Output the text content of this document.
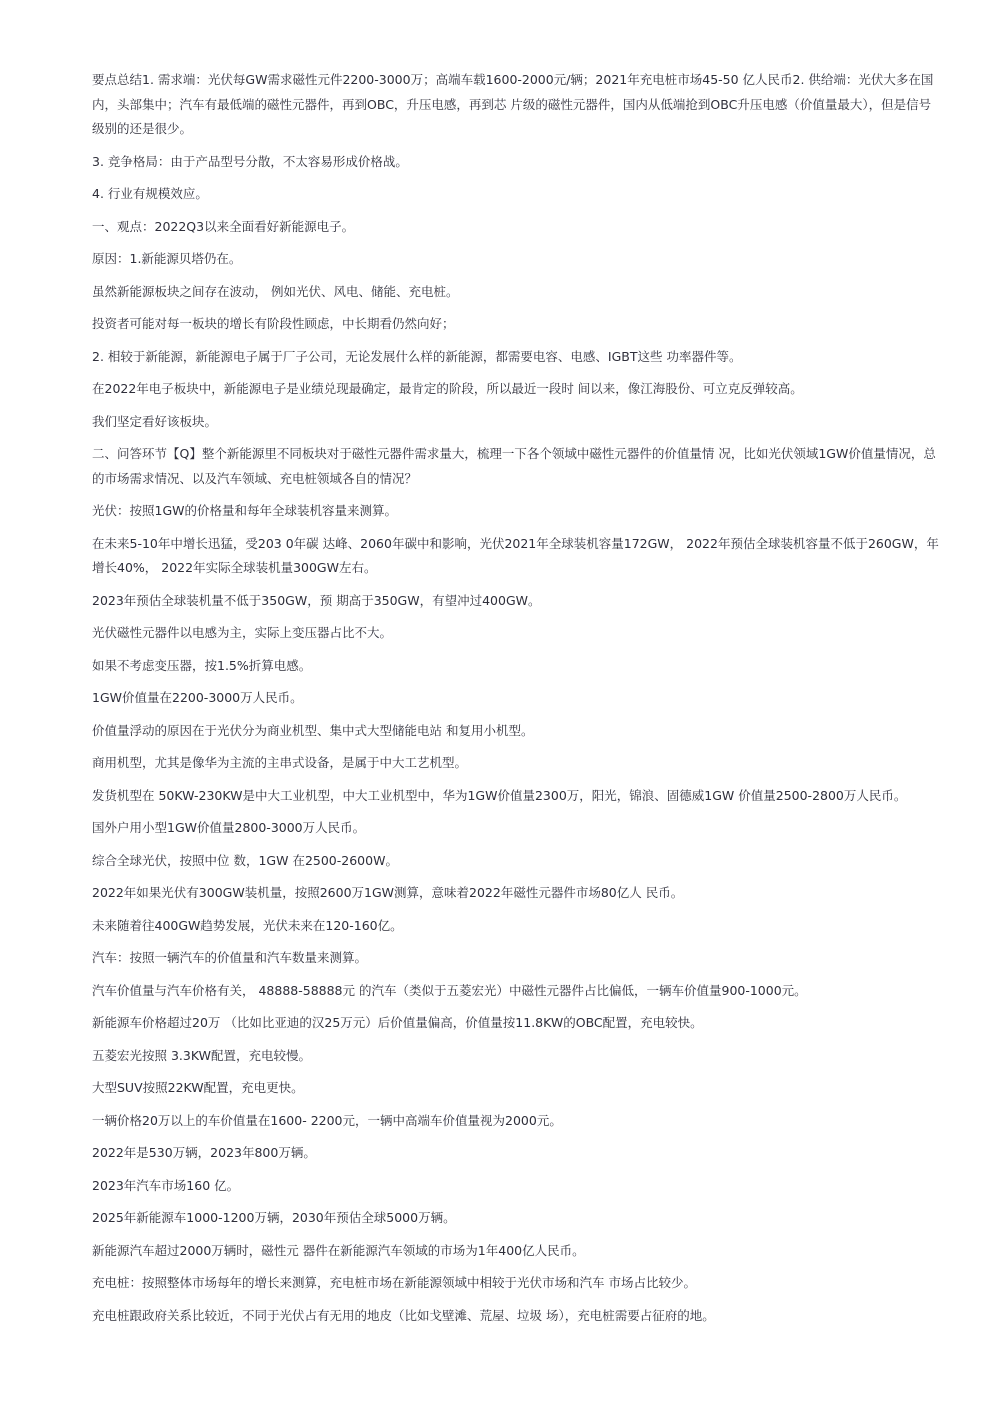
要点总结1. 需求端：光伏每GW需求磁性元件2200-3000万；高端车载1600-2000元/辆；2021年充电桩市场45-50 亿人民币2. 供给端：光伏大多在国内，头部集中；汽车有最低端的磁性元器件，再到OBC，升压电感，再到芯 片级的磁性元器件，国内从低端抢到OBC升压电感（价值量最大），但是信号级别的还是很少。

3. 竞争格局：由于产品型号分散，不太容易形成价格战。

4. 行业有规模效应。

一、观点：2022Q3以来全面看好新能源电子。

原因：1.新能源贝塔仍在。

虽然新能源板块之间存在波动， 例如光伏、风电、储能、充电桩。

投资者可能对每一板块的增长有阶段性顾虑，中长期看仍然向好；

2. 相较于新能源，新能源电子属于厂子公司，无论发展什么样的新能源，都需要电容、电感、IGBT这些 功率器件等。

在2022年电子板块中，新能源电子是业绩兑现最确定，最肯定的阶段，所以最近一段时 间以来，像江海股份、可立克反弹较高。

我们坚定看好该板块。

二、问答环节【Q】整个新能源里不同板块对于磁性元器件需求量大，梳理一下各个领域中磁性元器件的价值量情 况，比如光伏领域1GW价值量情况，总的市场需求情况、以及汽车领域、充电桩领域各自的情况？

光伏：按照1GW的价格量和每年全球装机容量来测算。

在未来5-10年中增长迅猛，受203 0年碳 达峰、2060年碳中和影响，光伏2021年全球装机容量172GW， 2022年预估全球装机容量不低于260GW，年增长40%， 2022年实际全球装机量300GW左右。

2023年预估全球装机量不低于350GW，预 期高于350GW，有望冲过400GW。

光伏磁性元器件以电感为主，实际上变压器占比不大。

如果不考虑变压器，按1.5%折算电感。

1GW价值量在2200-3000万人民币。

价值量浮动的原因在于光伏分为商业机型、集中式大型储能电站 和复用小机型。

商用机型，尤其是像华为主流的主串式设备，是属于中大工艺机型。

发货机型在 50KW-230KW是中大工业机型，中大工业机型中，华为1GW价值量2300万，阳光，锦浪、固德威1GW 价值量2500-2800万人民币。

国外户用小型1GW价值量2800-3000万人民币。

综合全球光伏，按照中位 数，1GW 在2500-2600W。

2022年如果光伏有300GW装机量，按照2600万1GW测算，意味着2022年磁性元器件市场80亿人 民币。

未来随着往400GW趋势发展，光伏未来在120-160亿。

汽车：按照一辆汽车的价值量和汽车数量来测算。

汽车价值量与汽车价格有关， 48888-58888元 的汽车（类似于五菱宏光）中磁性元器件占比偏低，一辆车价值量900-1000元。

新能源车价格超过20万 （比如比亚迪的汉25万元）后价值量偏高，价值量按11.8KW的OBC配置，充电较快。

五菱宏光按照 3.3KW配置，充电较慢。

大型SUV按照22KW配置，充电更快。

一辆价格20万以上的车价值量在1600- 2200元，一辆中高端车价值量视为2000元。

2022年是530万辆，2023年800万辆。

2023年汽车市场160 亿。

2025年新能源车1000-1200万辆，2030年预估全球5000万辆。

新能源汽车超过2000万辆时，磁性元 器件在新能源汽车领域的市场为1年400亿人民币。

充电桩：按照整体市场每年的增长来测算，充电桩市场在新能源领域中相较于光伏市场和汽车 市场占比较少。

充电桩跟政府关系比较近，不同于光伏占有无用的地皮（比如戈壁滩、荒屋、垃圾 场），充电桩需要占征府的地。
